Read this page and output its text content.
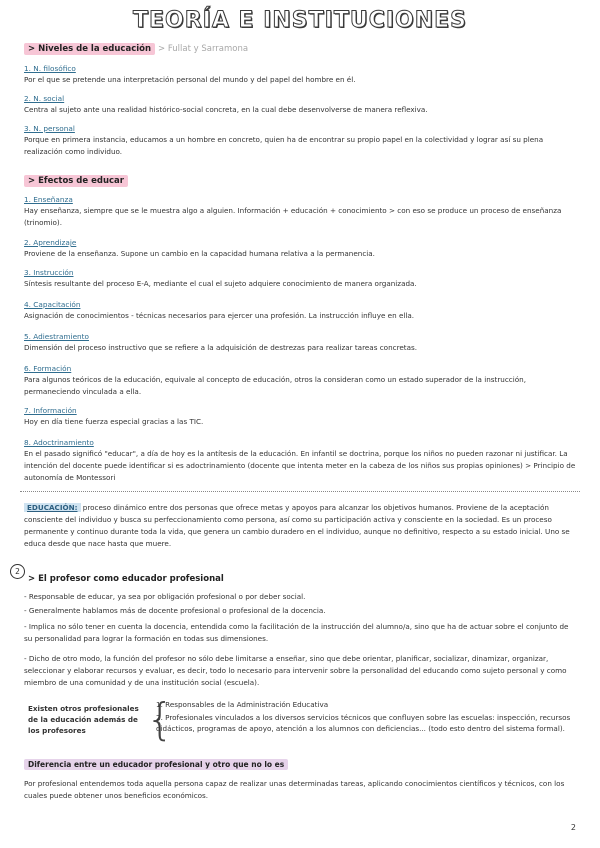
TEORÍA E INSTITUCIONES
> Niveles de la educación > Fullat y Sarramona
1. N. filosófico
Por el que se pretende una interpretación personal del mundo y del papel del hombre en él.
2. N. social
Centra al sujeto ante una realidad histórico-social concreta, en la cual debe desenvolverse de manera reflexiva.
3. N. personal
Porque en primera instancia, educamos a un hombre en concreto, quien ha de encontrar su propio papel en la colectividad y lograr así su plena realización como individuo.
> Efectos de educar
1. Enseñanza
Hay enseñanza, siempre que se le muestra algo a alguien. Información + educación + conocimiento > con eso se produce un proceso de enseñanza (trinomio).
2. Aprendizaje
Proviene de la enseñanza. Supone un cambio en la capacidad humana relativa a la permanencia.
3. Instrucción
Síntesis resultante del proceso E-A, mediante el cual el sujeto adquiere conocimiento de manera organizada.
4. Capacitación
Asignación de conocimientos - técnicas necesarios para ejercer una profesión. La instrucción influye en ella.
5. Adiestramiento
Dimensión del proceso instructivo que se refiere a la adquisición de destrezas para realizar tareas concretas.
6. Formación
Para algunos teóricos de la educación, equivale al concepto de educación, otros la consideran como un estado superador de la instrucción, permaneciendo vinculada a ella.
7. Información
Hoy en día tiene fuerza especial gracias a las TIC.
8. Adoctrinamiento
En el pasado significó "educar", a día de hoy es la antítesis de la educación. En infantil se doctrina, porque los niños no pueden razonar ni justificar. La intención del docente puede identificar si es adoctrinamiento (docente que intenta meter en la cabeza de los niños sus propias opiniones) > Principio de autonomía de Montessori
EDUCACIÓN: proceso dinámico entre dos personas que ofrece metas y apoyos para alcanzar los objetivos humanos. Proviene de la aceptación consciente del individuo y busca su perfeccionamiento como persona, así como su participación activa y consciente en la sociedad. Es un proceso permanente y continuo durante toda la vida, que genera un cambio duradero en el individuo, aunque no definitivo, respecto a su estado inicial. Uno se educa desde que nace hasta que muere.
2
> El profesor como educador profesional
- Responsable de educar, ya sea por obligación profesional o por deber social.
- Generalmente hablamos más de docente profesional o profesional de la docencia.
- Implica no sólo tener en cuenta la docencia, entendida como la facilitación de la instrucción del alumno/a, sino que ha de actuar sobre el conjunto de su personalidad para lograr la formación en todas sus dimensiones.
- Dicho de otro modo, la función del profesor no sólo debe limitarse a enseñar, sino que debe orientar, planificar, socializar, dinamizar, organizar, seleccionar y elaborar recursos y evaluar, es decir, todo lo necesario para intervenir sobre la personalidad del educando como sujeto personal y como miembro de una comunidad y de una institución social (escuela).
Existen otros profesionales de la educación además de los profesores	{
1. Responsables de la Administración Educativa
2. Profesionales vinculados a los diversos servicios técnicos que confluyen sobre las escuelas: inspección, recursos didácticos, programas de apoyo, atención a los alumnos con deficiencias... (todo esto dentro del sistema formal).
Diferencia entre un educador profesional y otro que no lo es
Por profesional entendemos toda aquella persona capaz de realizar unas determinadas tareas, aplicando conocimientos científicos y técnicos, con los cuales puede obtener unos beneficios económicos.
2
